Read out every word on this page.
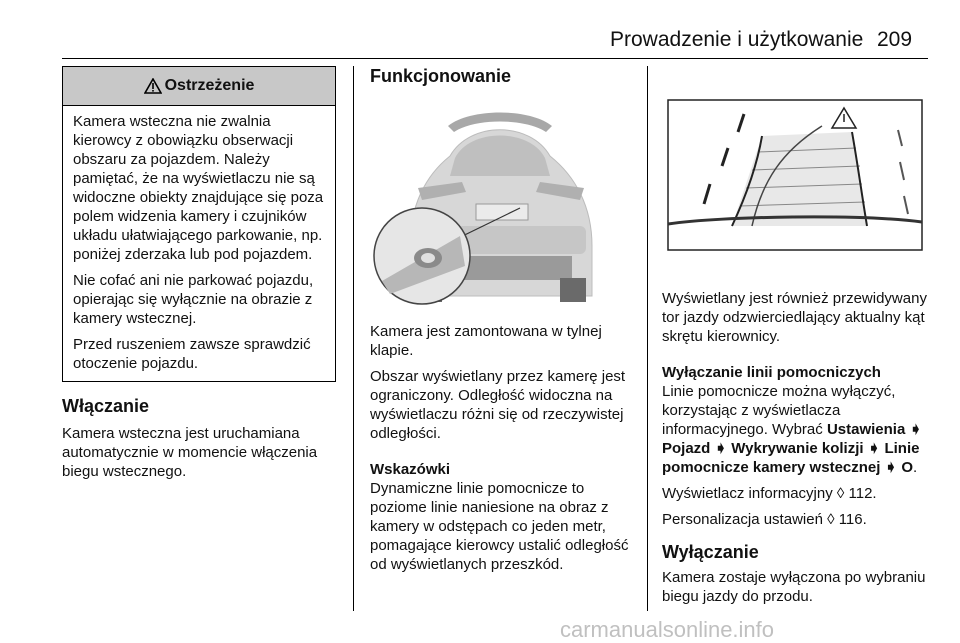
Prowadzenie i użytkowanie 209
Ostrzeżenie

Kamera wsteczna nie zwalnia kierowcy z obowiązku obserwacji obszaru za pojazdem. Należy pamiętać, że na wyświetlaczu nie są widoczne obiekty znajdujące się poza polem widzenia kamery i czujników układu ułatwiającego parkowanie, np. poniżej zderzaka lub pod pojazdem.

Nie cofać ani nie parkować pojazdu, opierając się wyłącznie na obrazie z kamery wstecznej.

Przed ruszeniem zawsze sprawdzić otoczenie pojazdu.

Włączanie
Kamera wsteczna jest uruchamiana automatycznie w momencie włączenia biegu wstecznego.
Funkcjonowanie

Kamera jest zamontowana w tylnej klapie.

Obszar wyświetlany przez kamerę jest ograniczony. Odległość widoczna na wyświetlaczu różni się od rzeczywistej odległości.

Wskazówki

Dynamiczne linie pomocnicze to poziome linie naniesione na obraz z kamery w odstępach co jeden metr, pomagające kierowcy ustalić odległość od wyświetlanych przeszkód.

Wyświetlany jest również przewidywany tor jazdy odzwierciedlający aktualny kąt skrętu kierownicy.

Wyłączanie linii pomocniczych

Linie pomocnicze można wyłączyć, korzystając z wyświetlacza informacyjnego. Wybrać Ustawienia ➧ Pojazd ➧ Wykrywanie kolizji ➧ Linie pomocnicze kamery wstecznej ➧ O.

Wyświetlacz informacyjny ◊ 112.

Personalizacja ustawień ◊ 116.

Wyłączanie

Kamera zostaje wyłączona po wybraniu biegu jazdy do przodu.

carmanualsonline.info
